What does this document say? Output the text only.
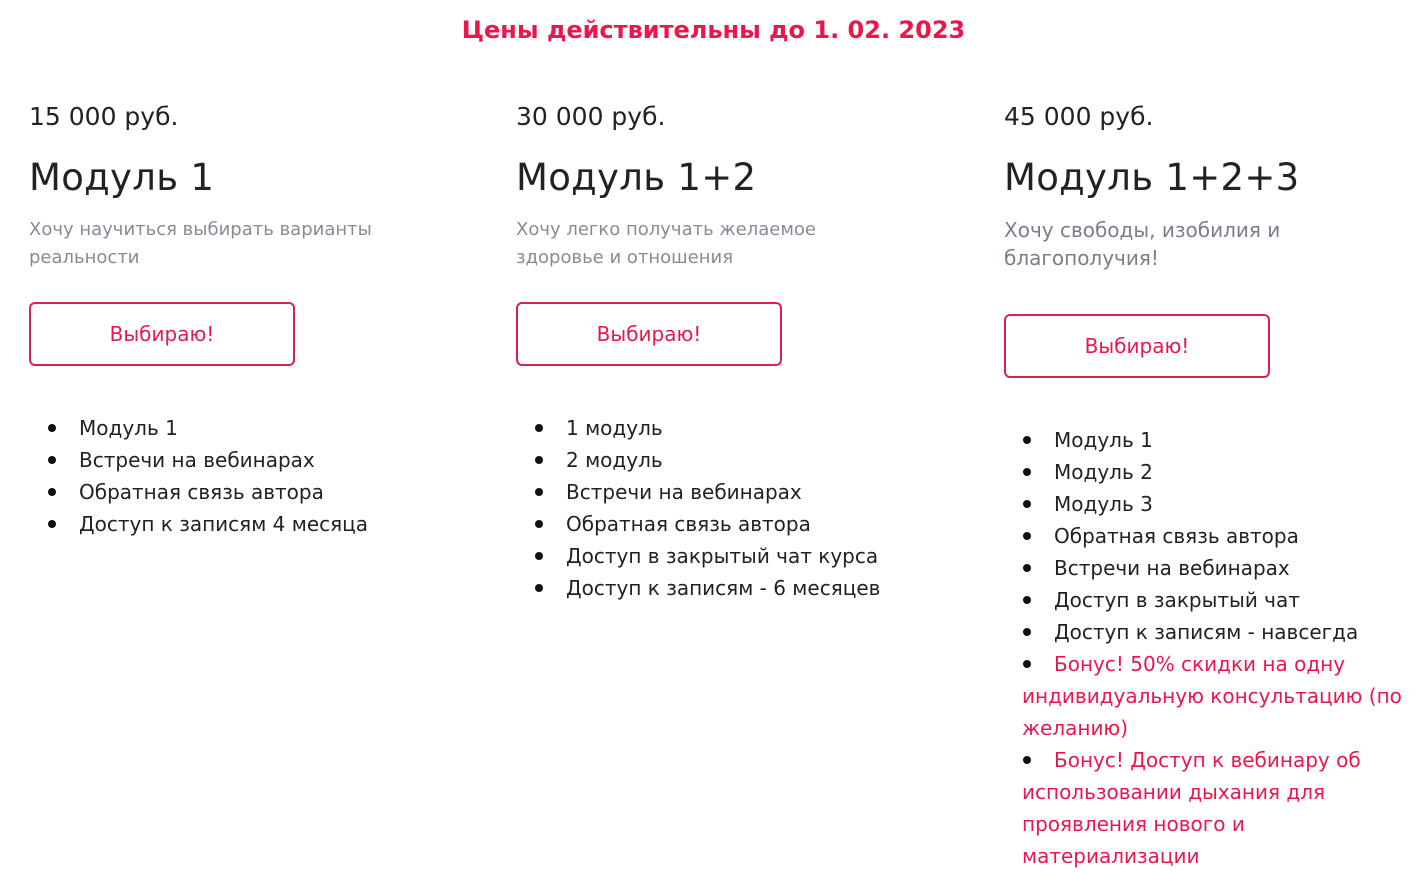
Цены действительны до 1. 02. 2023
15 000 руб.
Модуль 1

Хочу научиться выбирать варианты реальности

Выбираю!
Модуль 1
Встречи на вебинарах
Обратная связь автора
Доступ к записям 4 месяца
30 000 руб.
Модуль 1+2

Хочу легко получать желаемое здоровье и отношения

Выбираю!
1 модуль
2 модуль
Встречи на вебинарах
Обратная связь автора
Доступ в закрытый чат курса
Доступ к записям - 6 месяцев
45 000 руб.
Модуль 1+2+3

Хочу свободы, изобилия и благополучия!

Выбираю!
Модуль 1
Модуль 2
Модуль 3
Обратная связь автора
Встречи на вебинарах
Доступ в закрытый чат
Доступ к записям - навсегда
Бонус! 50% скидки на одну индивидуальную консультацию (по желанию)
Бонус! Доступ к вебинару об использовании дыхания для проявления нового и материализации
